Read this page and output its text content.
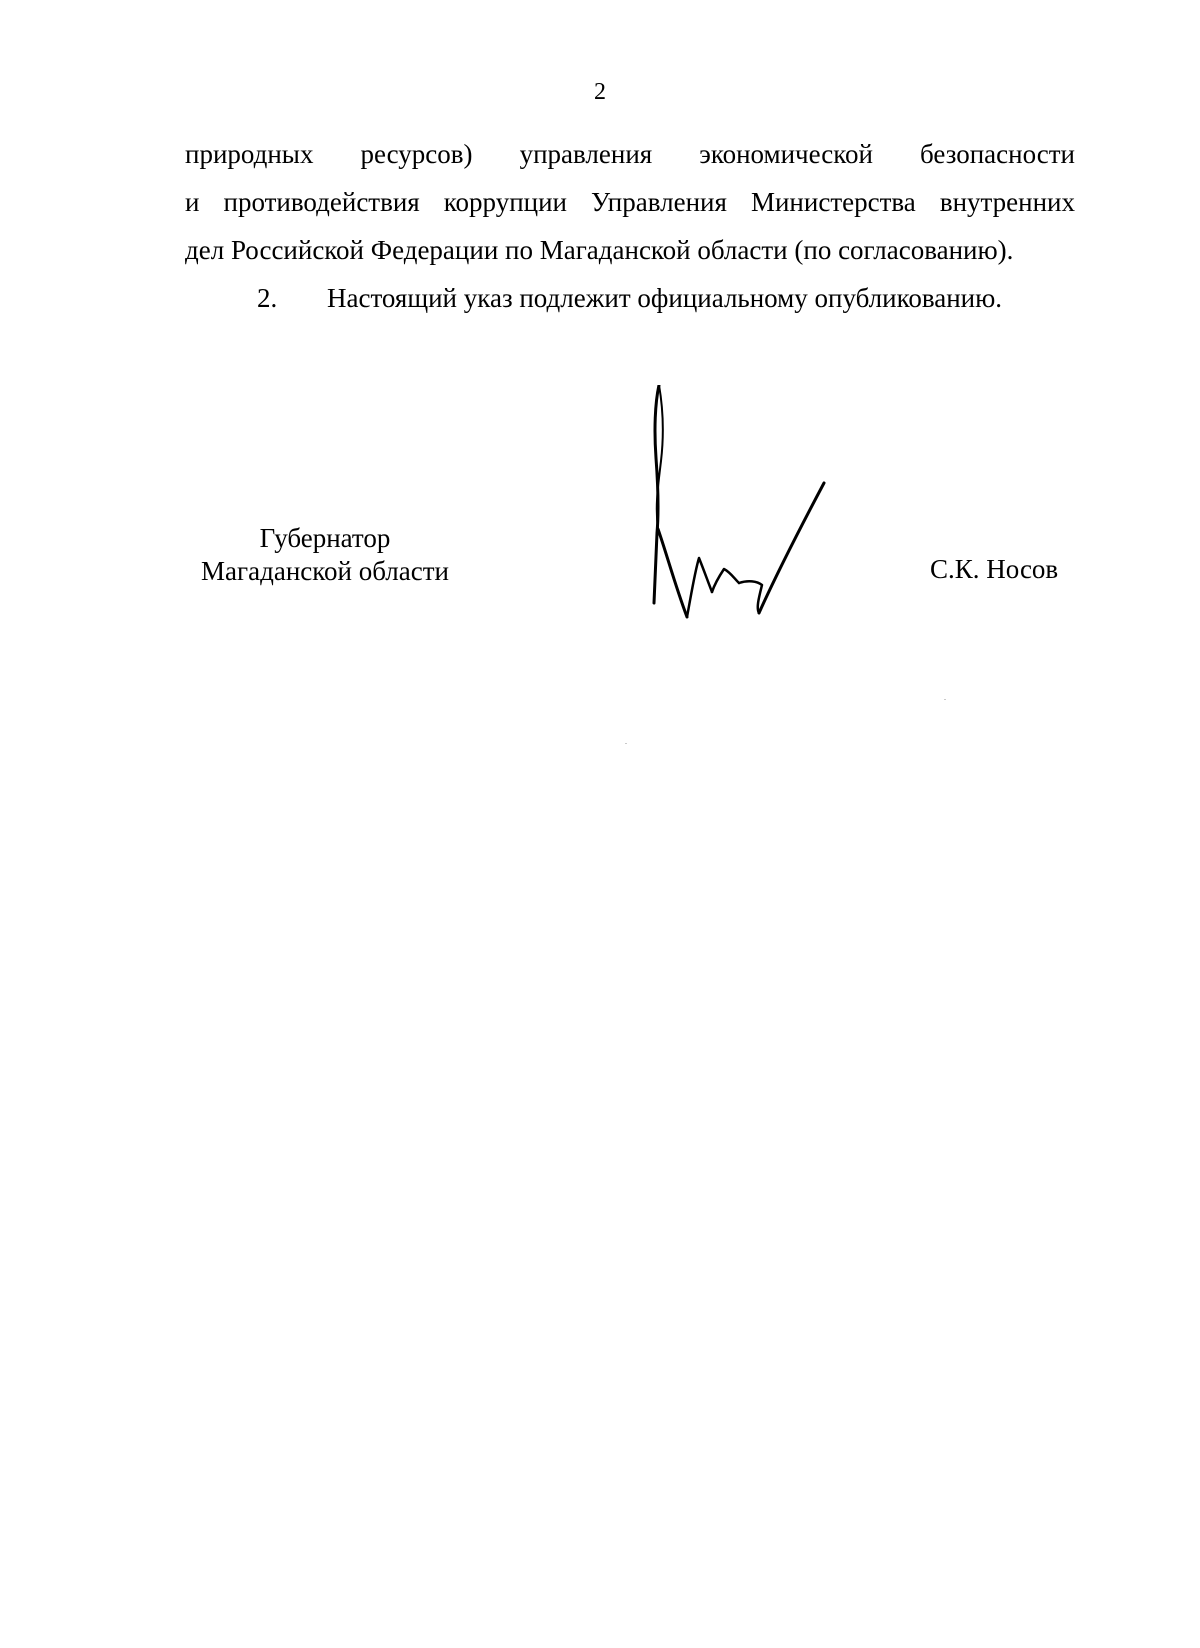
2
природных ресурсов) управления экономической безопасности
и противодействия коррупции Управления Министерства внутренних
дел Российской Федерации по Магаданской области (по согласованию).
2. Настоящий указ подлежит официальному опубликованию.
Губернатор
Магаданской области	С.К. Носов
